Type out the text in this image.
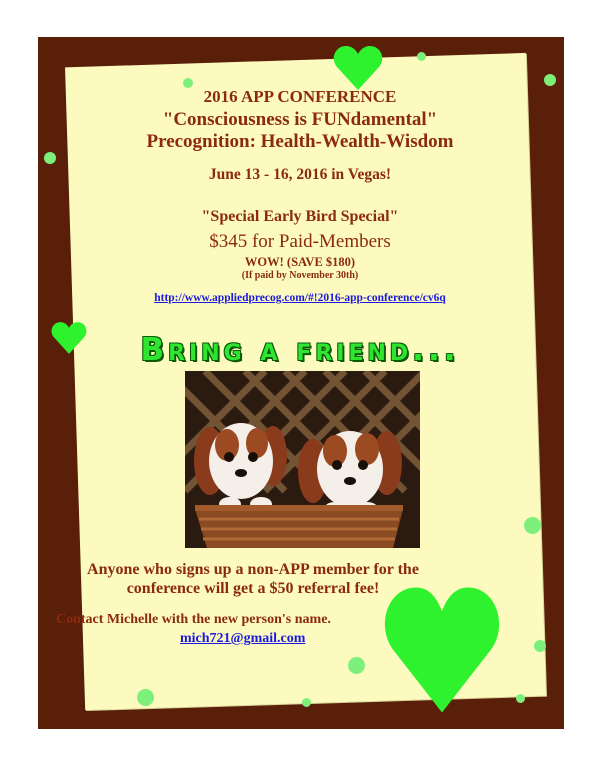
2016 APP CONFERENCE
"Consciousness is FUNdamental"
Precognition: Health-Wealth-Wisdom
June 13 - 16, 2016 in Vegas!
"Special Early Bird Special"
$345 for Paid-Members
WOW! (SAVE $180)
(If paid by November 30th)
http://www.appliedprecog.com/#!2016-app-conference/cv6q
Bring a friend...
Anyone who signs up a non-APP member for the
conference will get a $50 referral fee!
Contact Michelle with the new person's name.
mich721@gmail.com
